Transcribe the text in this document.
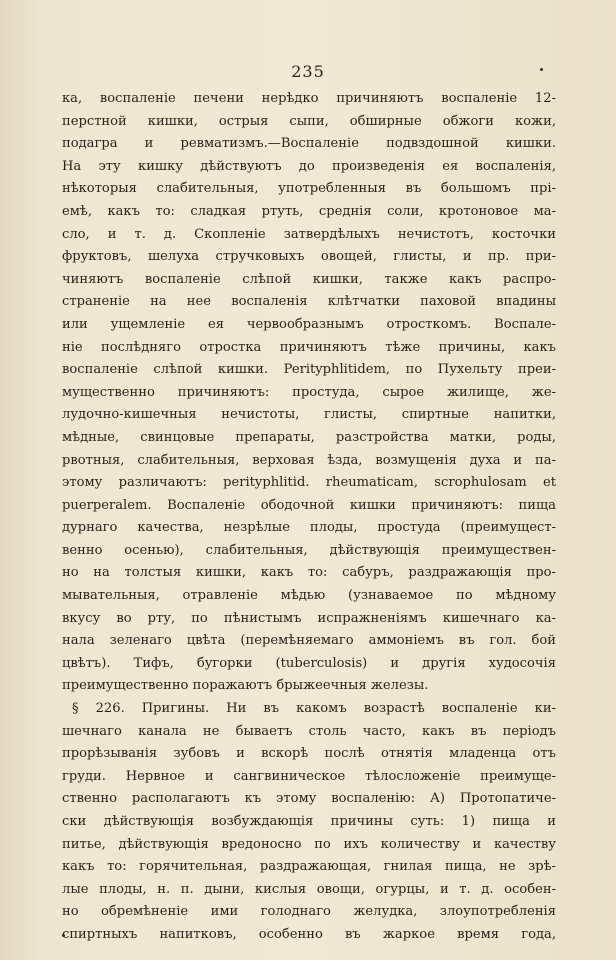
235
ка, воспаленіе печени нерѣдко причиняютъ воспаленіе 12-
перстной кишки, острыя сыпи, обширные обжоги кожи,
подагра и ревматизмъ.—Воспаленіе подвздошной кишки.
На эту кишку дѣйствуютъ до произведенія ея воспаленія,
нѣкоторыя слабительныя, употребленныя въ большомъ прі-
емѣ, какъ то: сладкая ртуть, среднія соли, кротоновое ма-
сло, и т. д. Скопленіе затвердѣлыхъ нечистотъ, косточки
фруктовъ, шелуха стручковыхъ овощей, глисты, и пр. при-
чиняютъ воспаленіе слѣпой кишки, также какъ распро-
страненіе на нее воспаленія клѣтчатки паховой впадины
или ущемленіе ея червообразнымъ отросткомъ. Воспале-
ніе послѣдняго отростка причиняютъ тѣже причины, какъ
воспаленіе слѣпой кишки. Perityphlitidem, по Пухельту преи-
мущественно причиняютъ: простуда, сырое жилище, же-
лудочно-кишечныя нечистоты, глисты, спиртные напитки,
мѣдные, свинцовые препараты, разстройства матки, роды,
рвотныя, слабительныя, верховая ѣзда, возмущенія духа и па-
этому различаютъ: perityphlitid. rheumaticam, scrophulosam et
puerperalem. Воспаленіе ободочной кишки причиняютъ: пища
дурнаго качества, незрѣлые плоды, простуда (преимущест-
венно осенью), слабительныя, дѣйствующія преимуществен-
но на толстыя кишки, какъ то: сабуръ, раздражающія про-
мывательныя, отравленіе мѣдью (узнаваемое по мѣдному
вкусу во рту, по пѣнистымъ испражненіямъ кишечнаго ка-
нала зеленаго цвѣта (перемѣняемаго аммоніемъ въ гол. бой
цвѣтъ). Тифъ, бугорки (tuberculosis) и другія худосочія
преимущественно поражаютъ брыжеечныя железы.
§ 226. Пригины. Ни въ какомъ возрастѣ воспаленіе ки-
шечнаго канала не бываетъ столь часто, какъ въ періодъ
прорѣзыванія зубовъ и вскорѣ послѣ отнятія младенца отъ
груди. Нервное и сангвиническое тѣлосложеніе преимуще-
ственно располагаютъ къ этому воспаленію: А) Протопатиче-
ски дѣйствующія возбуждающія причины суть: 1) пища и
питье, дѣйствующія вредоносно по ихъ количеству и качеству
какъ то: горячительная, раздражающая, гнилая пища, не зрѣ-
лые плоды, н. п. дыни, кислыя овощи, огурцы, и т. д. особен-
но обремѣненіе ими голоднаго желудка, злоупотребленія
спиртныхъ напитковъ, особенно въ жаркое время года,
